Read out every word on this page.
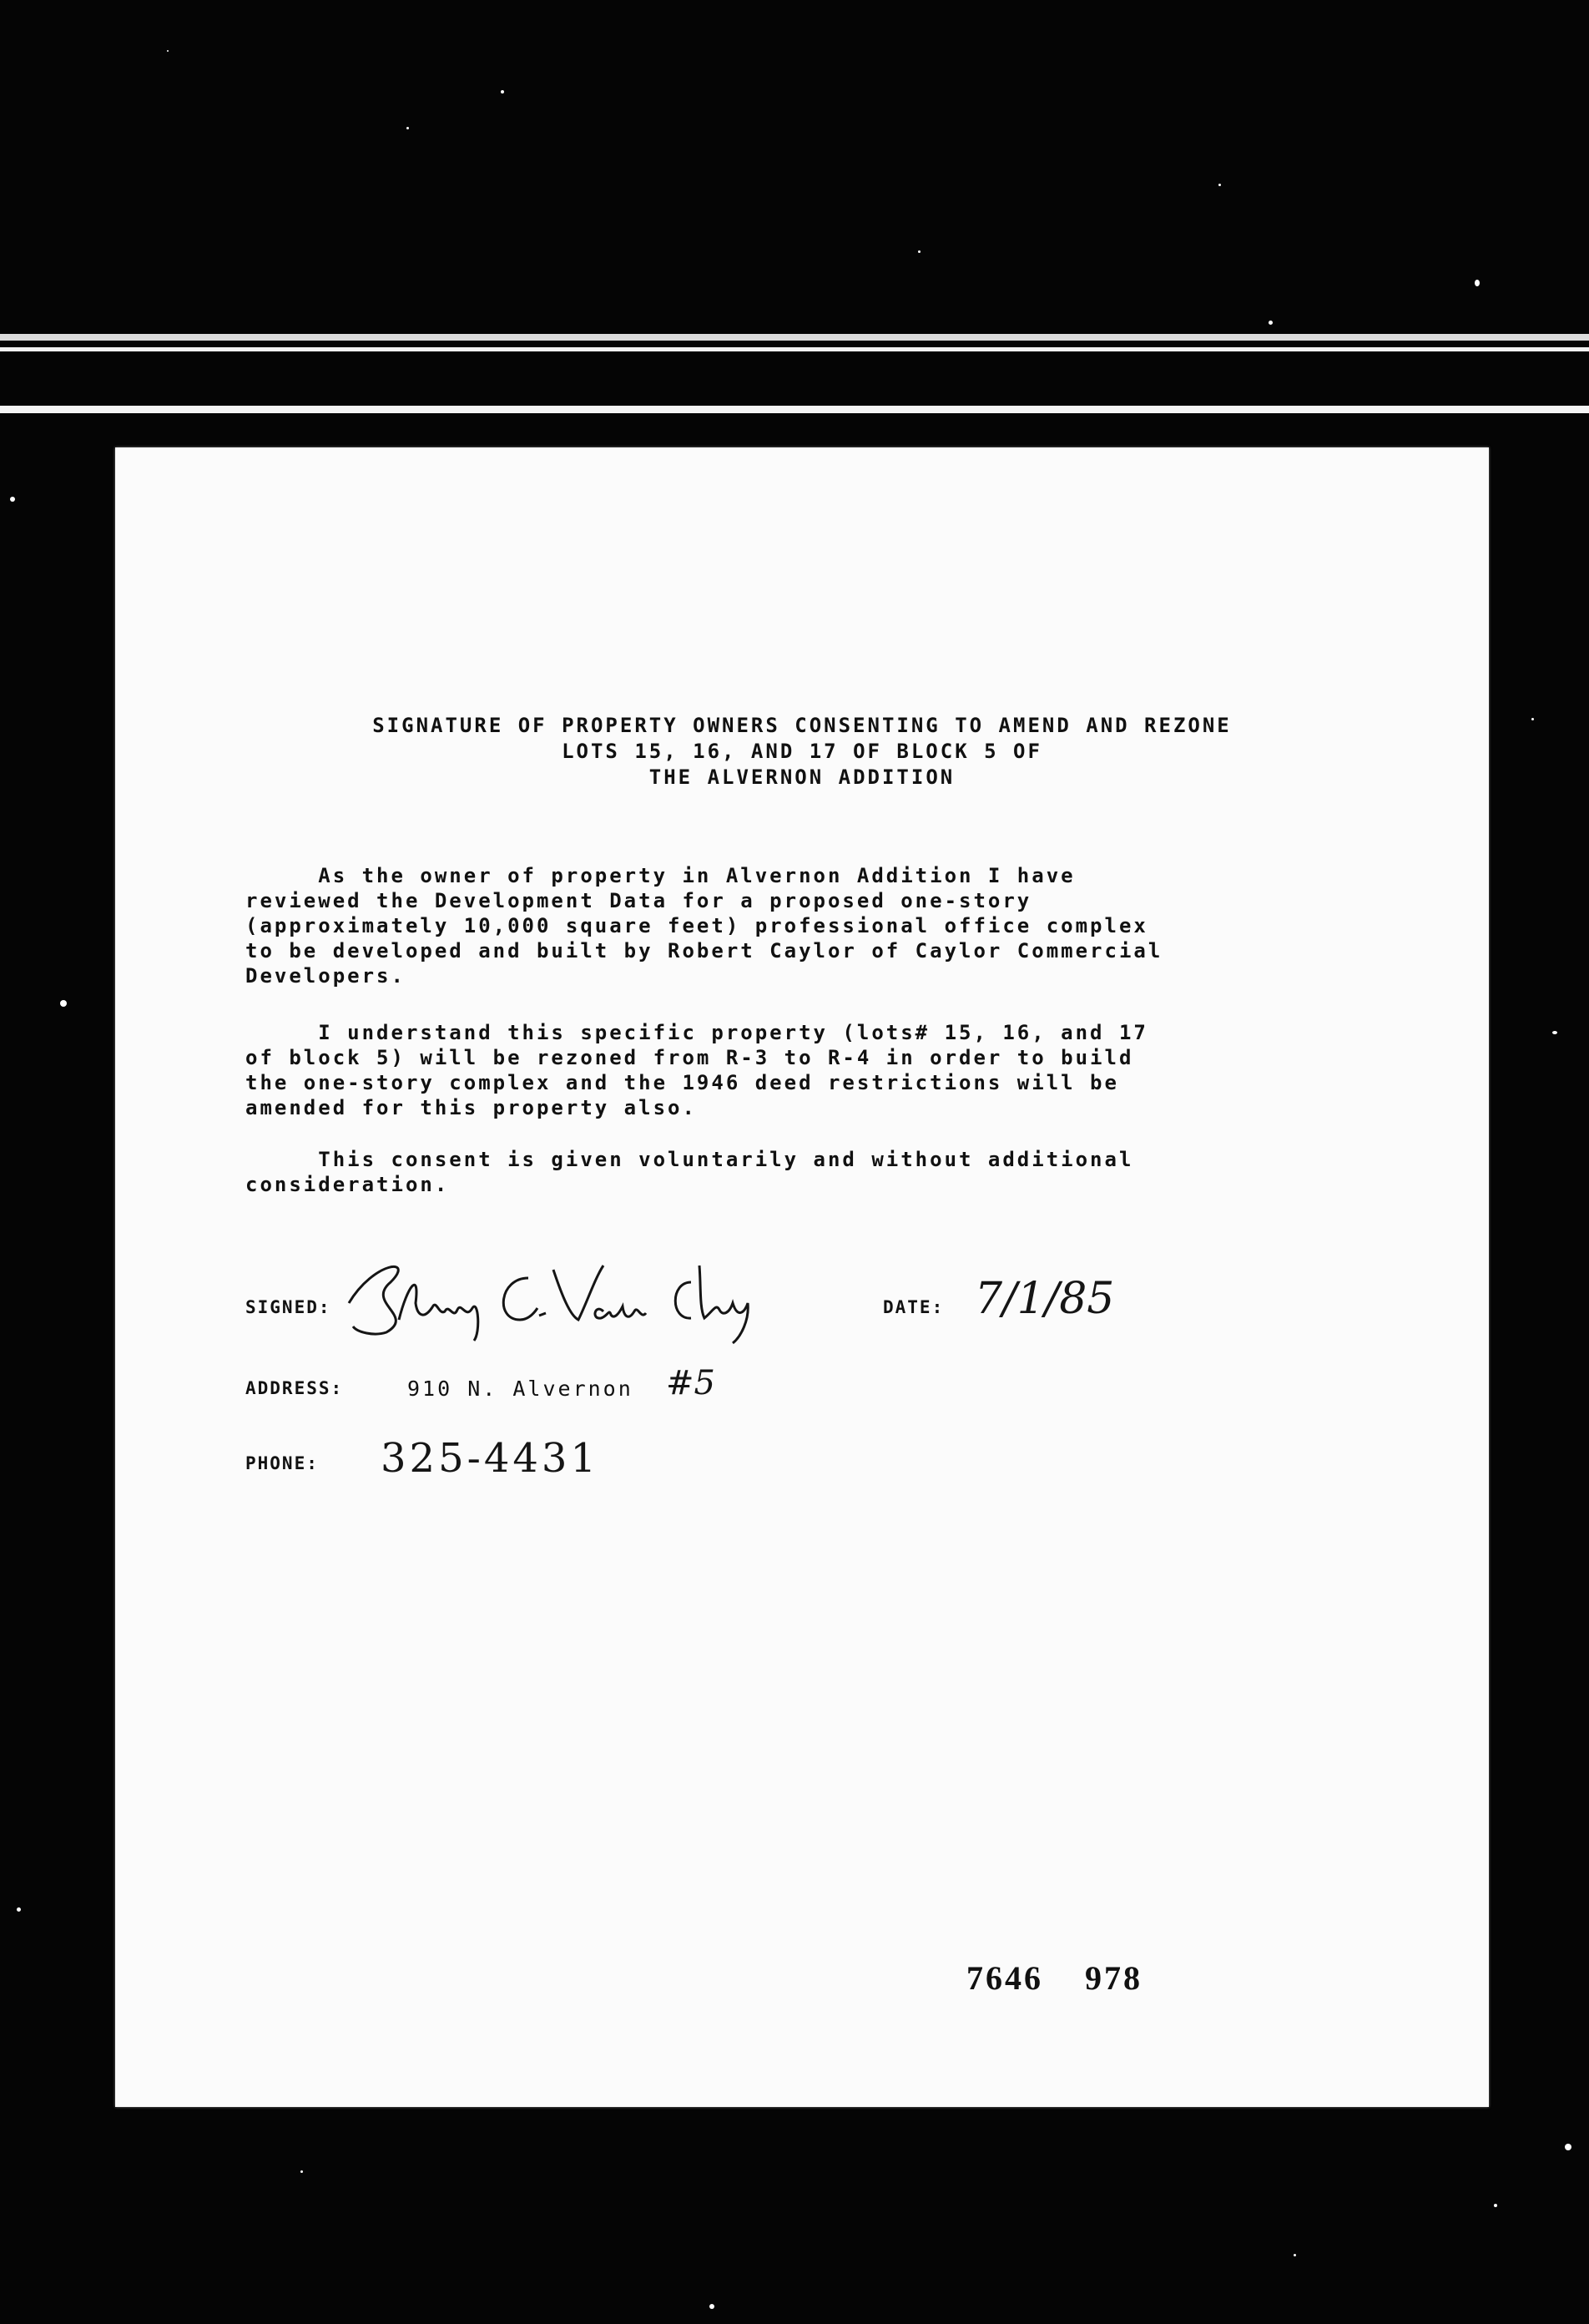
SIGNATURE OF PROPERTY OWNERS CONSENTING TO AMEND AND REZONE
LOTS 15, 16, AND 17 OF BLOCK 5 OF
THE ALVERNON ADDITION
As the owner of property in Alvernon Addition I have
reviewed the Development Data for a proposed one-story
(approximately 10,000 square feet) professional office complex
to be developed and built by Robert Caylor of Caylor Commercial
Developers.
I understand this specific property (lots# 15, 16, and 17
of block 5) will be rezoned from R-3 to R-4 in order to build
the one-story complex and the 1946 deed restrictions will be
amended for this property also.
This consent is given voluntarily and without additional
consideration.
SIGNED:	DATE: 7/1/85
ADDRESS:	910 N. Alvernon #5
PHONE: 325-4431
7646 978
